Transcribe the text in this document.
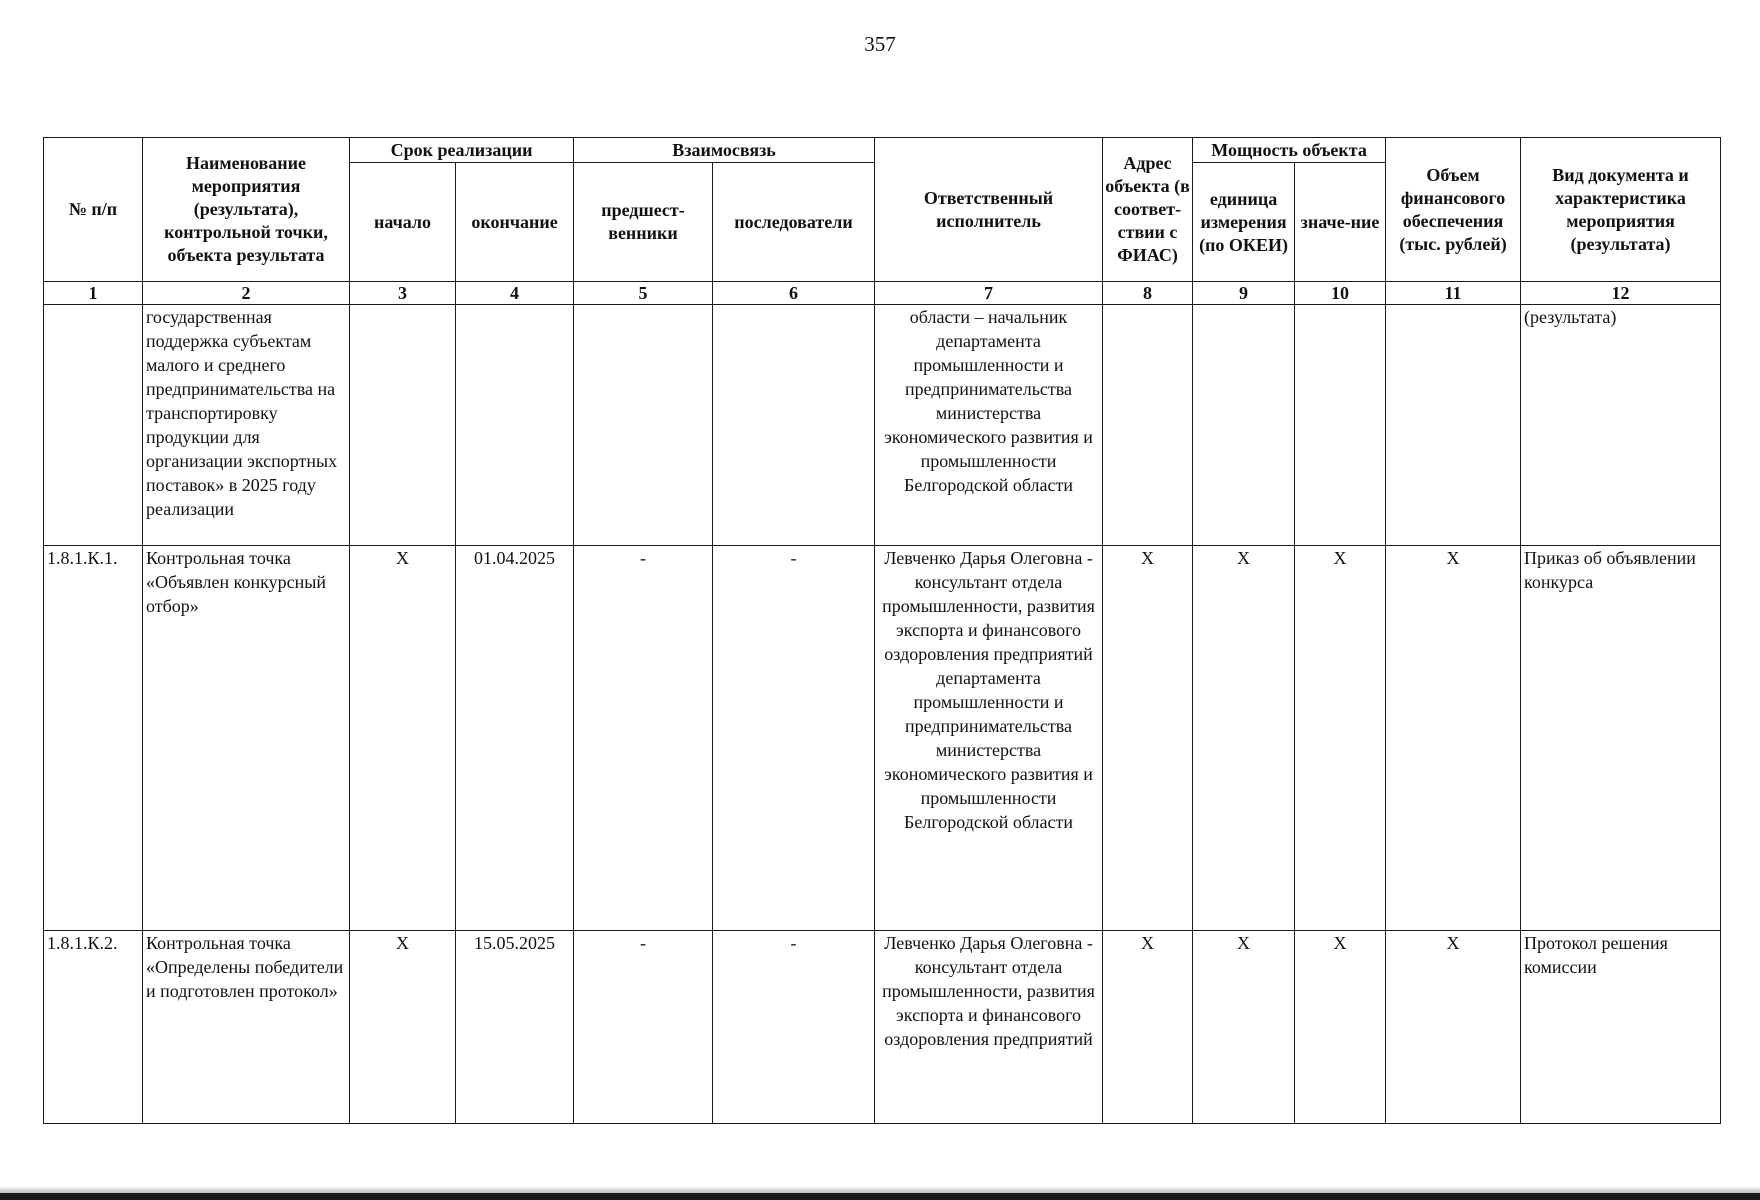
357
№ п/п	Наименование мероприятия (результата), контрольной точки, объекта результата	Срок реализации		Взаимосвязь		Ответственный исполнитель	Адрес объекта (в соответ-ствии с ФИАС)	Мощность объекта		Объем финансового обеспечения (тыс. рублей)	Вид документа и характеристика мероприятия (результата)
		начало	окончание	предшест-венники	последователи			единица измерения (по ОКЕИ)	значе-ние		
1	2	3	4	5	6	7	8	9	10	11	12
	государственная поддержка субъектам малого и среднего предпринимательства на транспортировку продукции для организации экспортных поставок» в 2025 году реализации					области – начальник департамента промышленности и предпринимательства министерства экономического развития и промышленности Белгородской области					(результата)
1.8.1.К.1.	Контрольная точка «Объявлен конкурсный отбор»	X	01.04.2025	-	-	Левченко Дарья Олеговна - консультант отдела промышленности, развития экспорта и финансового оздоровления предприятий департамента промышленности и предпринимательства министерства экономического развития и промышленности Белгородской области	X	X	X	X	Приказ об объявлении конкурса
1.8.1.К.2.	Контрольная точка «Определены победители и подготовлен протокол»	X	15.05.2025	-	-	Левченко Дарья Олеговна - консультант отдела промышленности, развития экспорта и финансового оздоровления предприятий	X	X	X	X	Протокол решения комиссии
